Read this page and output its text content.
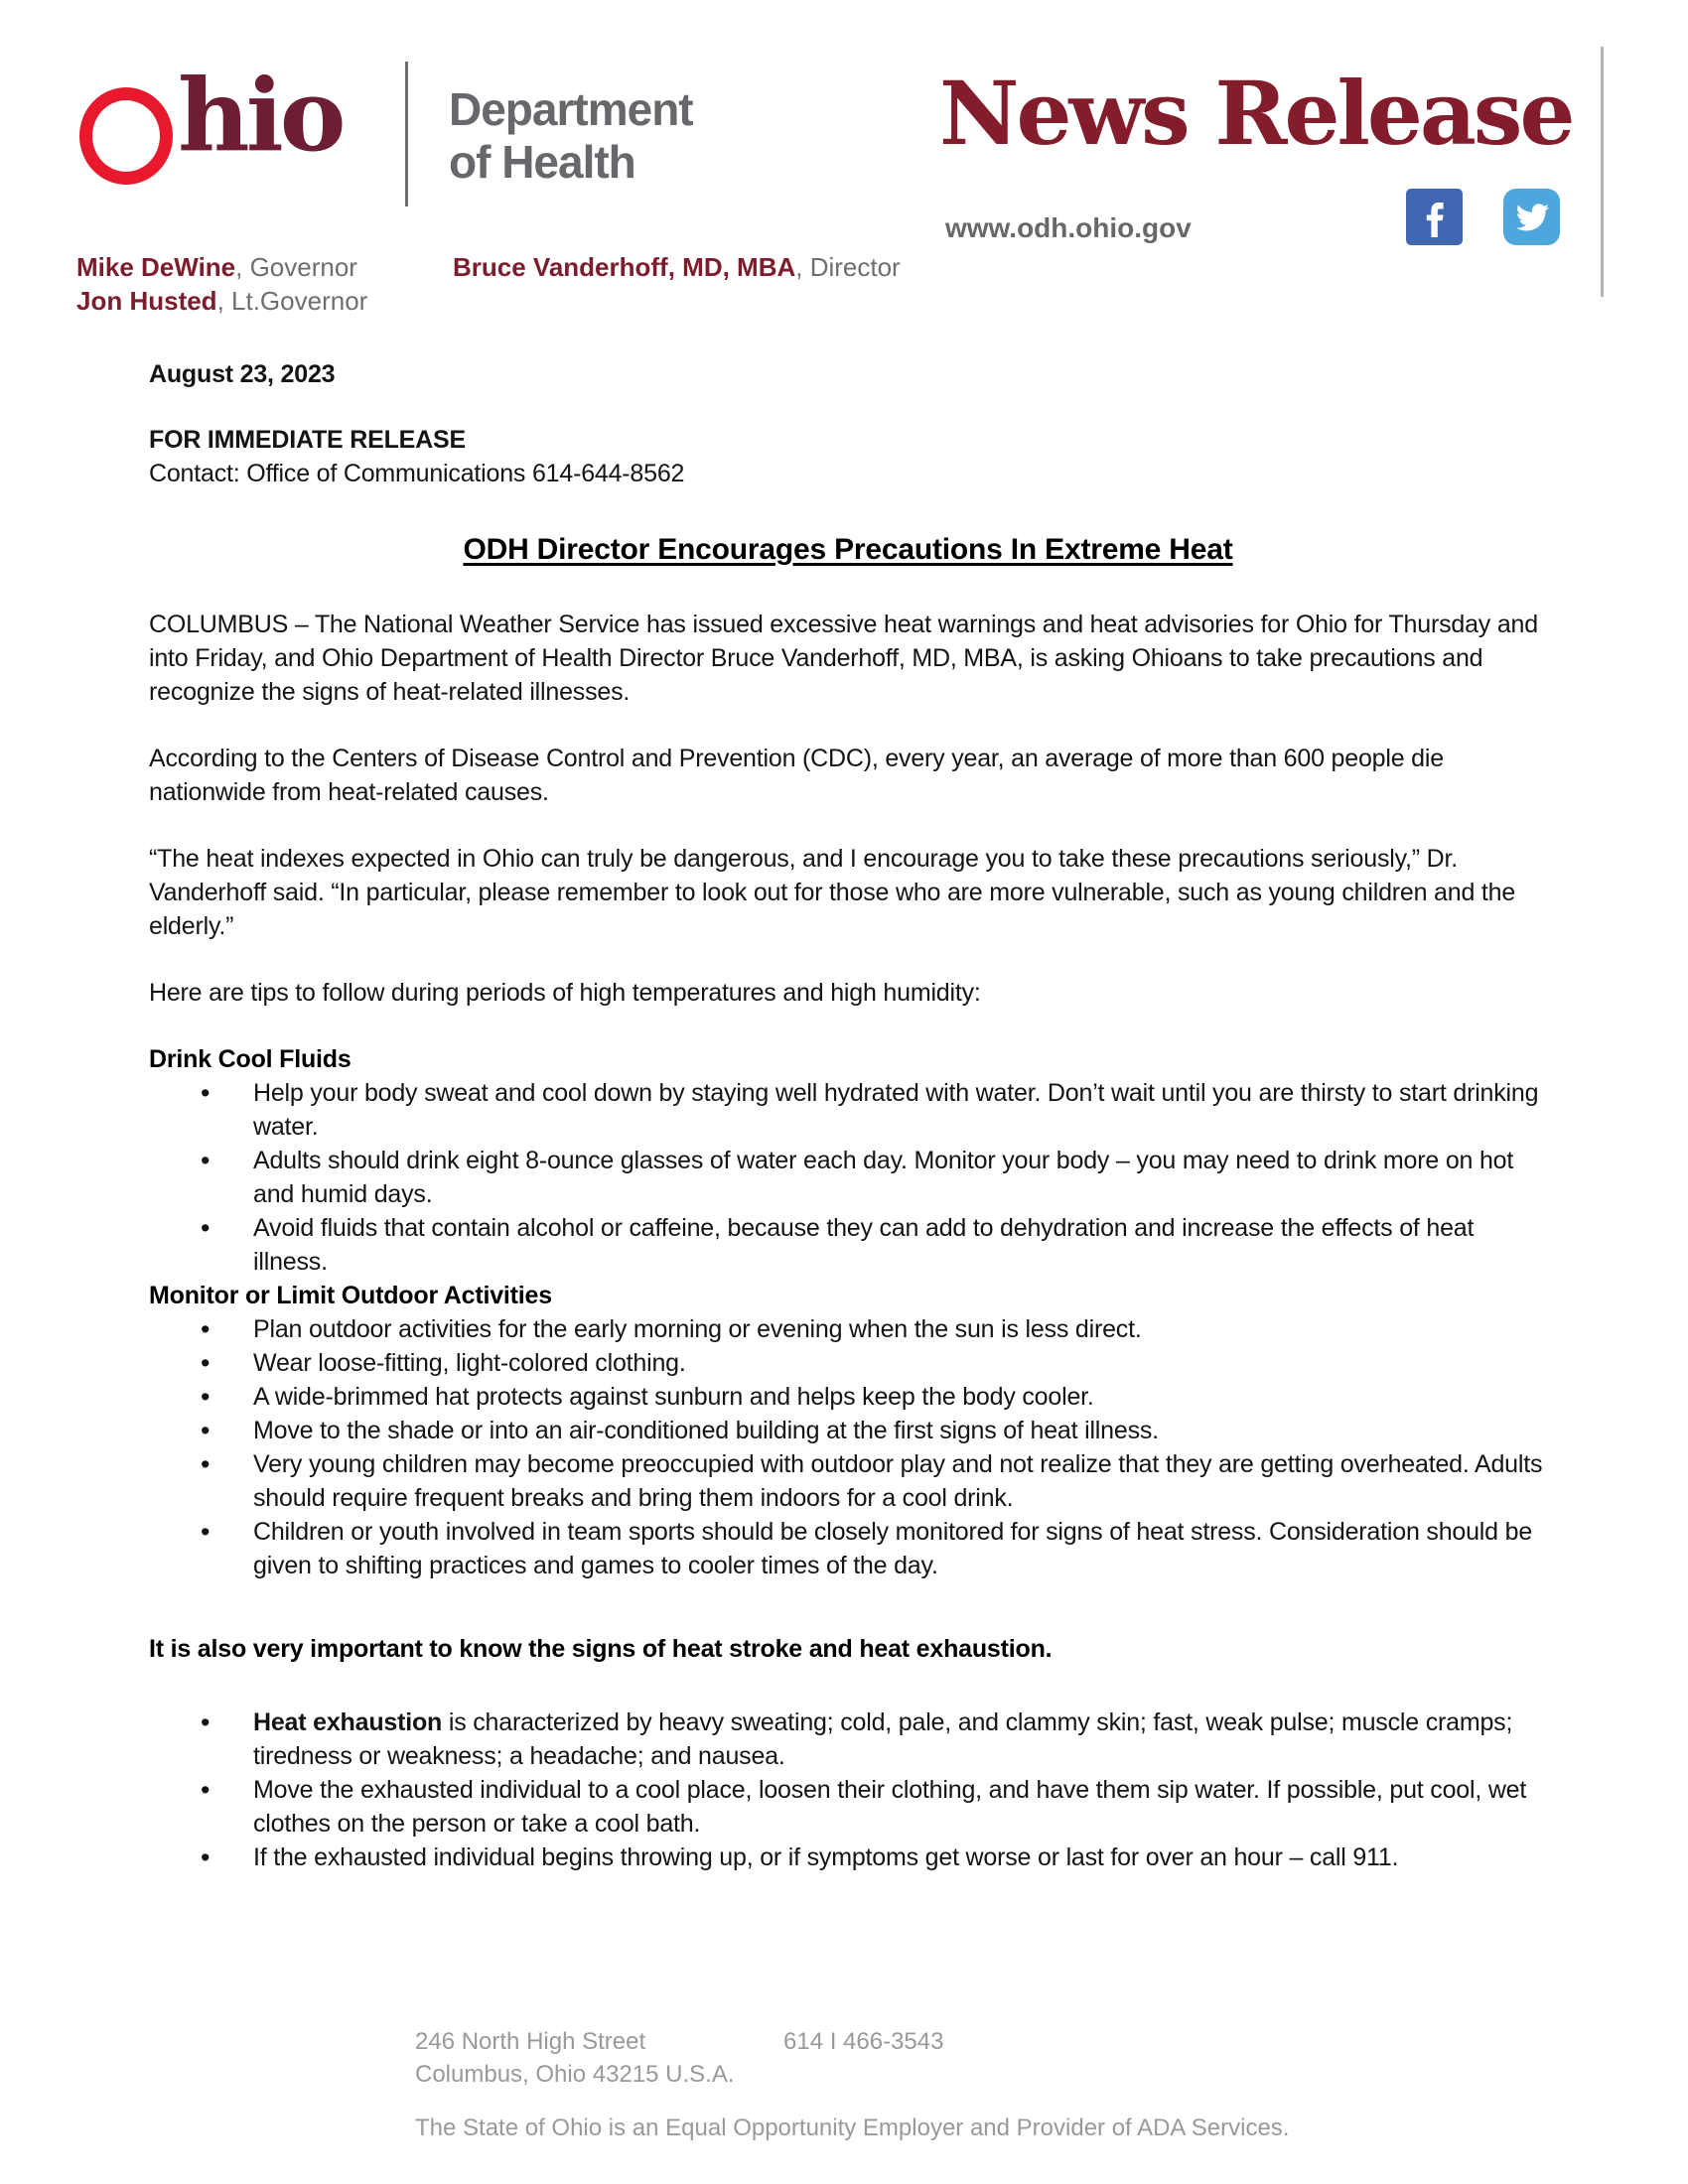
hio Department
of Health	News Release
www.odh.ohio.gov
Mike DeWine, Governor
Jon Husted, Lt.Governor
Bruce Vanderhoff, MD, MBA, Director

August 23, 2023

FOR IMMEDIATE RELEASE

Contact: Office of Communications 614-644-8562

ODH Director Encourages Precautions In Extreme Heat

COLUMBUS – The National Weather Service has issued excessive heat warnings and heat advisories for Ohio for Thursday and into Friday, and Ohio Department of Health Director Bruce Vanderhoff, MD, MBA, is asking Ohioans to take precautions and recognize the signs of heat-related illnesses.

According to the Centers of Disease Control and Prevention (CDC), every year, an average of more than 600 people die nationwide from heat-related causes.

“The heat indexes expected in Ohio can truly be dangerous, and I encourage you to take these precautions seriously,” Dr. Vanderhoff said. “In particular, please remember to look out for those who are more vulnerable, such as young children and the elderly.”

Here are tips to follow during periods of high temperatures and high humidity:

Drink Cool Fluids
• Help your body sweat and cool down by staying well hydrated with water. Don’t wait until you are thirsty to start drinking water.
• Adults should drink eight 8-ounce glasses of water each day. Monitor your body – you may need to drink more on hot and humid days.
• Avoid fluids that contain alcohol or caffeine, because they can add to dehydration and increase the effects of heat illness.
Monitor or Limit Outdoor Activities
• Plan outdoor activities for the early morning or evening when the sun is less direct.
• Wear loose-fitting, light-colored clothing.
• A wide-brimmed hat protects against sunburn and helps keep the body cooler.
• Move to the shade or into an air-conditioned building at the first signs of heat illness.
• Very young children may become preoccupied with outdoor play and not realize that they are getting overheated. Adults should require frequent breaks and bring them indoors for a cool drink.
• Children or youth involved in team sports should be closely monitored for signs of heat stress. Consideration should be given to shifting practices and games to cooler times of the day.
It is also very important to know the signs of heat stroke and heat exhaustion.
• Heat exhaustion is characterized by heavy sweating; cold, pale, and clammy skin; fast, weak pulse; muscle cramps; tiredness or weakness; a headache; and nausea.
• Move the exhausted individual to a cool place, loosen their clothing, and have them sip water. If possible, put cool, wet clothes on the person or take a cool bath.
• If the exhausted individual begins throwing up, or if symptoms get worse or last for over an hour – call 911.
246 North High Street
Columbus, Ohio 43215 U.S.A.
614 I 466-3543
The State of Ohio is an Equal Opportunity Employer and Provider of ADA Services.
